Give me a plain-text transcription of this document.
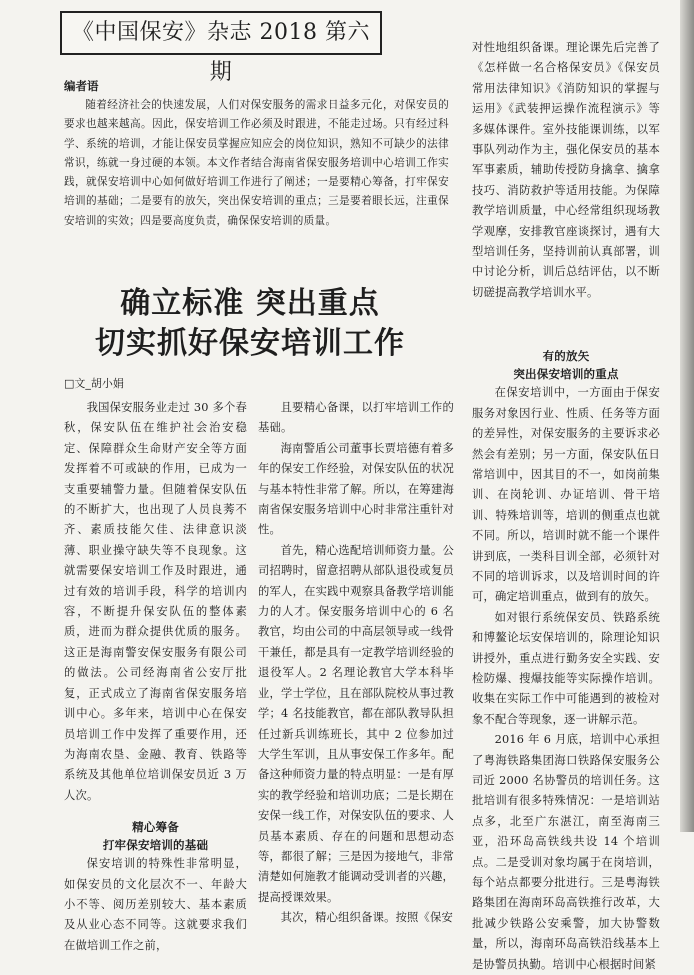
《中国保安》杂志 2018 第六期
编者语
随着经济社会的快速发展，人们对保安服务的需求日益多元化，对保安员的要求也越来越高。因此，保安培训工作必须及时跟进，不能走过场。只有经过科学、系统的培训，才能让保安员掌握应知应会的岗位知识，熟知不可缺少的法律常识，练就一身过硬的本领。本文作者结合海南省保安服务培训中心培训工作实践，就保安培训中心如何做好培训工作进行了阐述；一是要精心筹备，打牢保安培训的基础；二是要有的放矢，突出保安培训的重点；三是要着眼长远，注重保安培训的实效；四是要高度负责，确保保安培训的质量。
确立标准 突出重点
切实抓好保安培训工作
□文_胡小娟

我国保安服务业走过 30 多个春秋，保安队伍在维护社会治安稳定、保障群众生命财产安全等方面发挥着不可或缺的作用，已成为一支重要辅警力量。但随着保安队伍的不断扩大，也出现了人员良莠不齐、素质技能欠佳、法律意识淡薄、职业操守缺失等不良现象。这就需要保安培训工作及时跟进，通过有效的培训手段，科学的培训内容，不断提升保安队伍的整体素质，进而为群众提供优质的服务。这正是海南警安保安服务有限公司的做法。公司经海南省公安厅批复，正式成立了海南省保安服务培训中心。多年来，培训中心在保安员培训工作中发挥了重要作用，还为海南农垦、金融、教育、铁路等系统及其他单位培训保安员近 3 万人次。

精心筹备
打牢保安培训的基础

保安培训的特殊性非常明显，如保安员的文化层次不一、年龄大小不等、阅历差别较大、基本素质及从业心态不同等。这就要求我们在做培训工作之前，

且要精心备课，以打牢培训工作的基础。

海南警盾公司董事长贾培德有着多年的保安工作经验，对保安队伍的状况与基本特性非常了解。所以，在筹建海南省保安服务培训中心时非常注重针对性。

首先，精心选配培训师资力量。公司招聘时，留意招聘从部队退役或复员的军人，在实践中观察具备教学培训能力的人才。保安服务培训中心的 6 名教官，均由公司的中高层领导或一线骨干兼任，都是具有一定教学培训经验的退役军人。2 名理论教官大学本科毕业，学士学位，且在部队院校从事过教学；4 名技能教官，都在部队教导队担任过新兵训练班长，其中 2 位参加过大学生军训，且从事安保工作多年。配备这种师资力量的特点明显：一是有厚实的教学经验和培训功底；二是长期在安保一线工作，对保安队伍的要求、人员基本素质、存在的问题和思想动态等，都很了解；三是因为接地气，非常清楚如何施教才能调动受训者的兴趣，提高授课效果。

其次，精心组织备课。按照《保安

对性地组织备课。理论课先后完善了《怎样做一名合格保安员》《保安员常用法律知识》《消防知识的掌握与运用》《武装押运操作流程演示》等多媒体课件。室外技能课训练，以军事队列动作为主，强化保安员的基本军事素质，辅助传授防身擒拿、擒拿技巧、消防救护等适用技能。为保障教学培训质量，中心经常组织现场教学观摩，安排教官座谈探讨，遇有大型培训任务，坚持训前认真部署，训中讨论分析，训后总结评估，以不断切磋提高教学培训水平。

有的放矢
突出保安培训的重点

在保安培训中，一方面由于保安服务对象因行业、性质、任务等方面的差异性，对保安服务的主要诉求必然会有差别；另一方面，保安队伍日常培训中，因其目的不一，如岗前集训、在岗轮训、办证培训、骨干培训、特殊培训等，培训的侧重点也就不同。所以，培训时就不能一个课件讲到底，一类科目训全部，必须针对不同的培训诉求，以及培训时间的许可，确定培训重点，做到有的放矢。

如对银行系统保安员、铁路系统和博鳌论坛安保培训的，除理论知识讲授外，重点进行勤务安全实践、安检防爆、搜爆技能等实际操作培训。收集在实际工作中可能遇到的被检对象不配合等现象，逐一讲解示范。

2016 年 6 月底，培训中心承担了粤海铁路集团海口铁路保安服务公司近 2000 名协警员的培训任务。这批培训有很多特殊情况：一是培训站点多，北至广东湛江，南至海南三亚，沿环岛高铁线共设 14 个培训点。二是受训对象均属于在岗培训，每个站点都要分批进行。三是粤海铁路集团在海南环岛高铁推行改革，大批减少铁路公安乘警，加大协警数量，所以，海南环岛高铁沿线基本上是协警员执勤。培训中心根据时间紧
